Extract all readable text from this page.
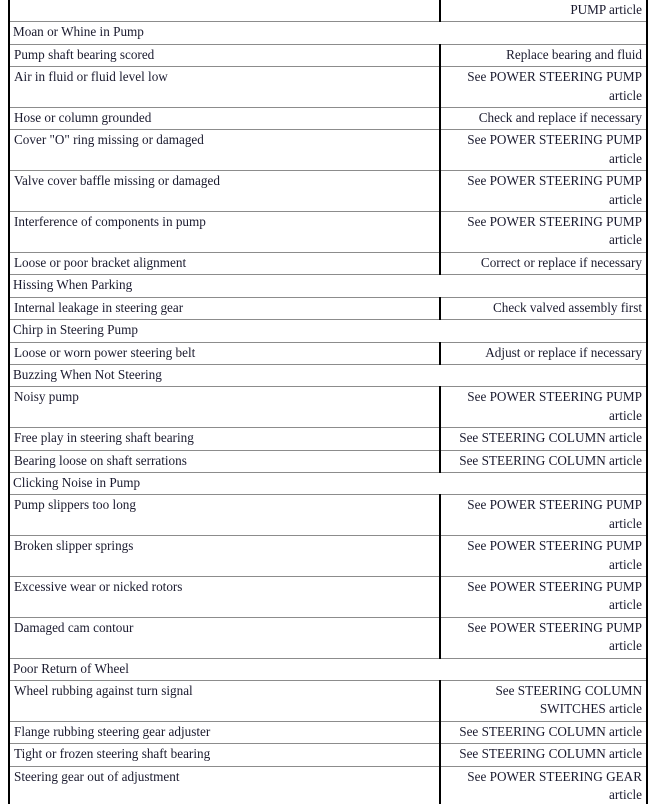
	PUMP article
Moan or Whine in Pump	
Pump shaft bearing scored	Replace bearing and fluid
Air in fluid or fluid level low	See POWER STEERING PUMP article
Hose or column grounded	Check and replace if necessary
Cover "O" ring missing or damaged	See POWER STEERING PUMP article
Valve cover baffle missing or damaged	See POWER STEERING PUMP article
Interference of components in pump	See POWER STEERING PUMP article
Loose or poor bracket alignment	Correct or replace if necessary
Hissing When Parking	
Internal leakage in steering gear	Check valved assembly first
Chirp in Steering Pump	
Loose or worn power steering belt	Adjust or replace if necessary
Buzzing When Not Steering	
Noisy pump	See POWER STEERING PUMP article
Free play in steering shaft bearing	See STEERING COLUMN article
Bearing loose on shaft serrations	See STEERING COLUMN article
Clicking Noise in Pump	
Pump slippers too long	See POWER STEERING PUMP article
Broken slipper springs	See POWER STEERING PUMP article
Excessive wear or nicked rotors	See POWER STEERING PUMP article
Damaged cam contour	See POWER STEERING PUMP article
Poor Return of Wheel	
Wheel rubbing against turn signal	See STEERING COLUMN SWITCHES article
Flange rubbing steering gear adjuster	See STEERING COLUMN article
Tight or frozen steering shaft bearing	See STEERING COLUMN article
Steering gear out of adjustment	See POWER STEERING GEAR article
